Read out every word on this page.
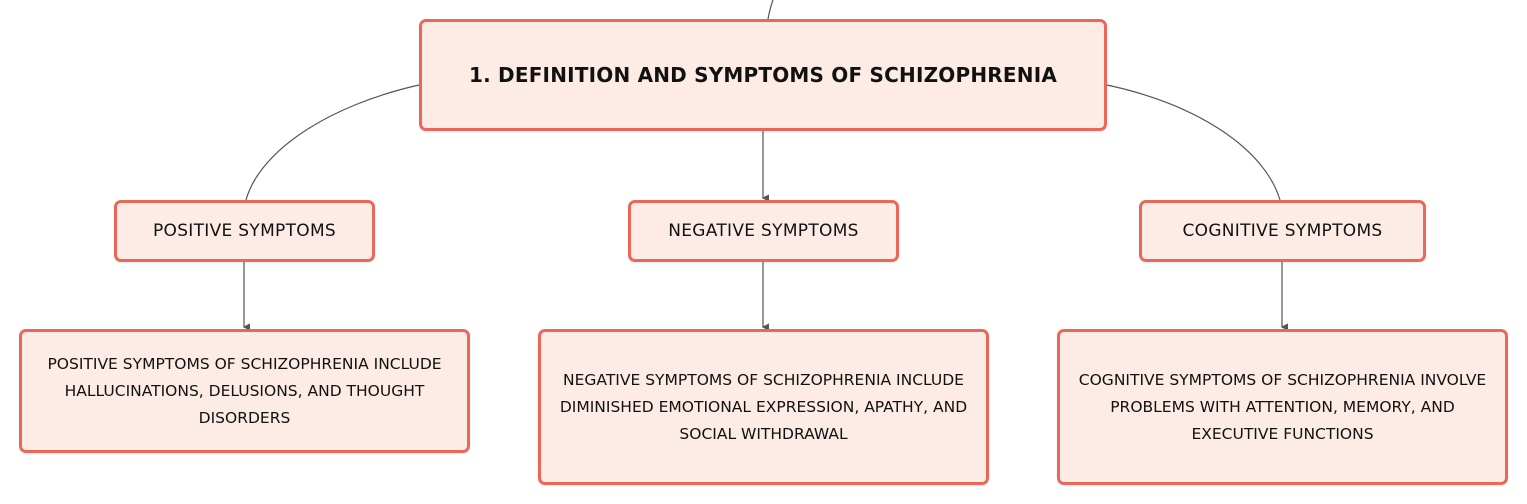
1. DEFINITION AND SYMPTOMS OF SCHIZOPHRENIA
POSITIVE SYMPTOMS	NEGATIVE SYMPTOMS	COGNITIVE SYMPTOMS
POSITIVE SYMPTOMS OF SCHIZOPHRENIA INCLUDE HALLUCINATIONS, DELUSIONS, AND THOUGHT DISORDERS
NEGATIVE SYMPTOMS OF SCHIZOPHRENIA INCLUDE DIMINISHED EMOTIONAL EXPRESSION, APATHY, AND SOCIAL WITHDRAWAL
COGNITIVE SYMPTOMS OF SCHIZOPHRENIA INVOLVE PROBLEMS WITH ATTENTION, MEMORY, AND EXECUTIVE FUNCTIONS
